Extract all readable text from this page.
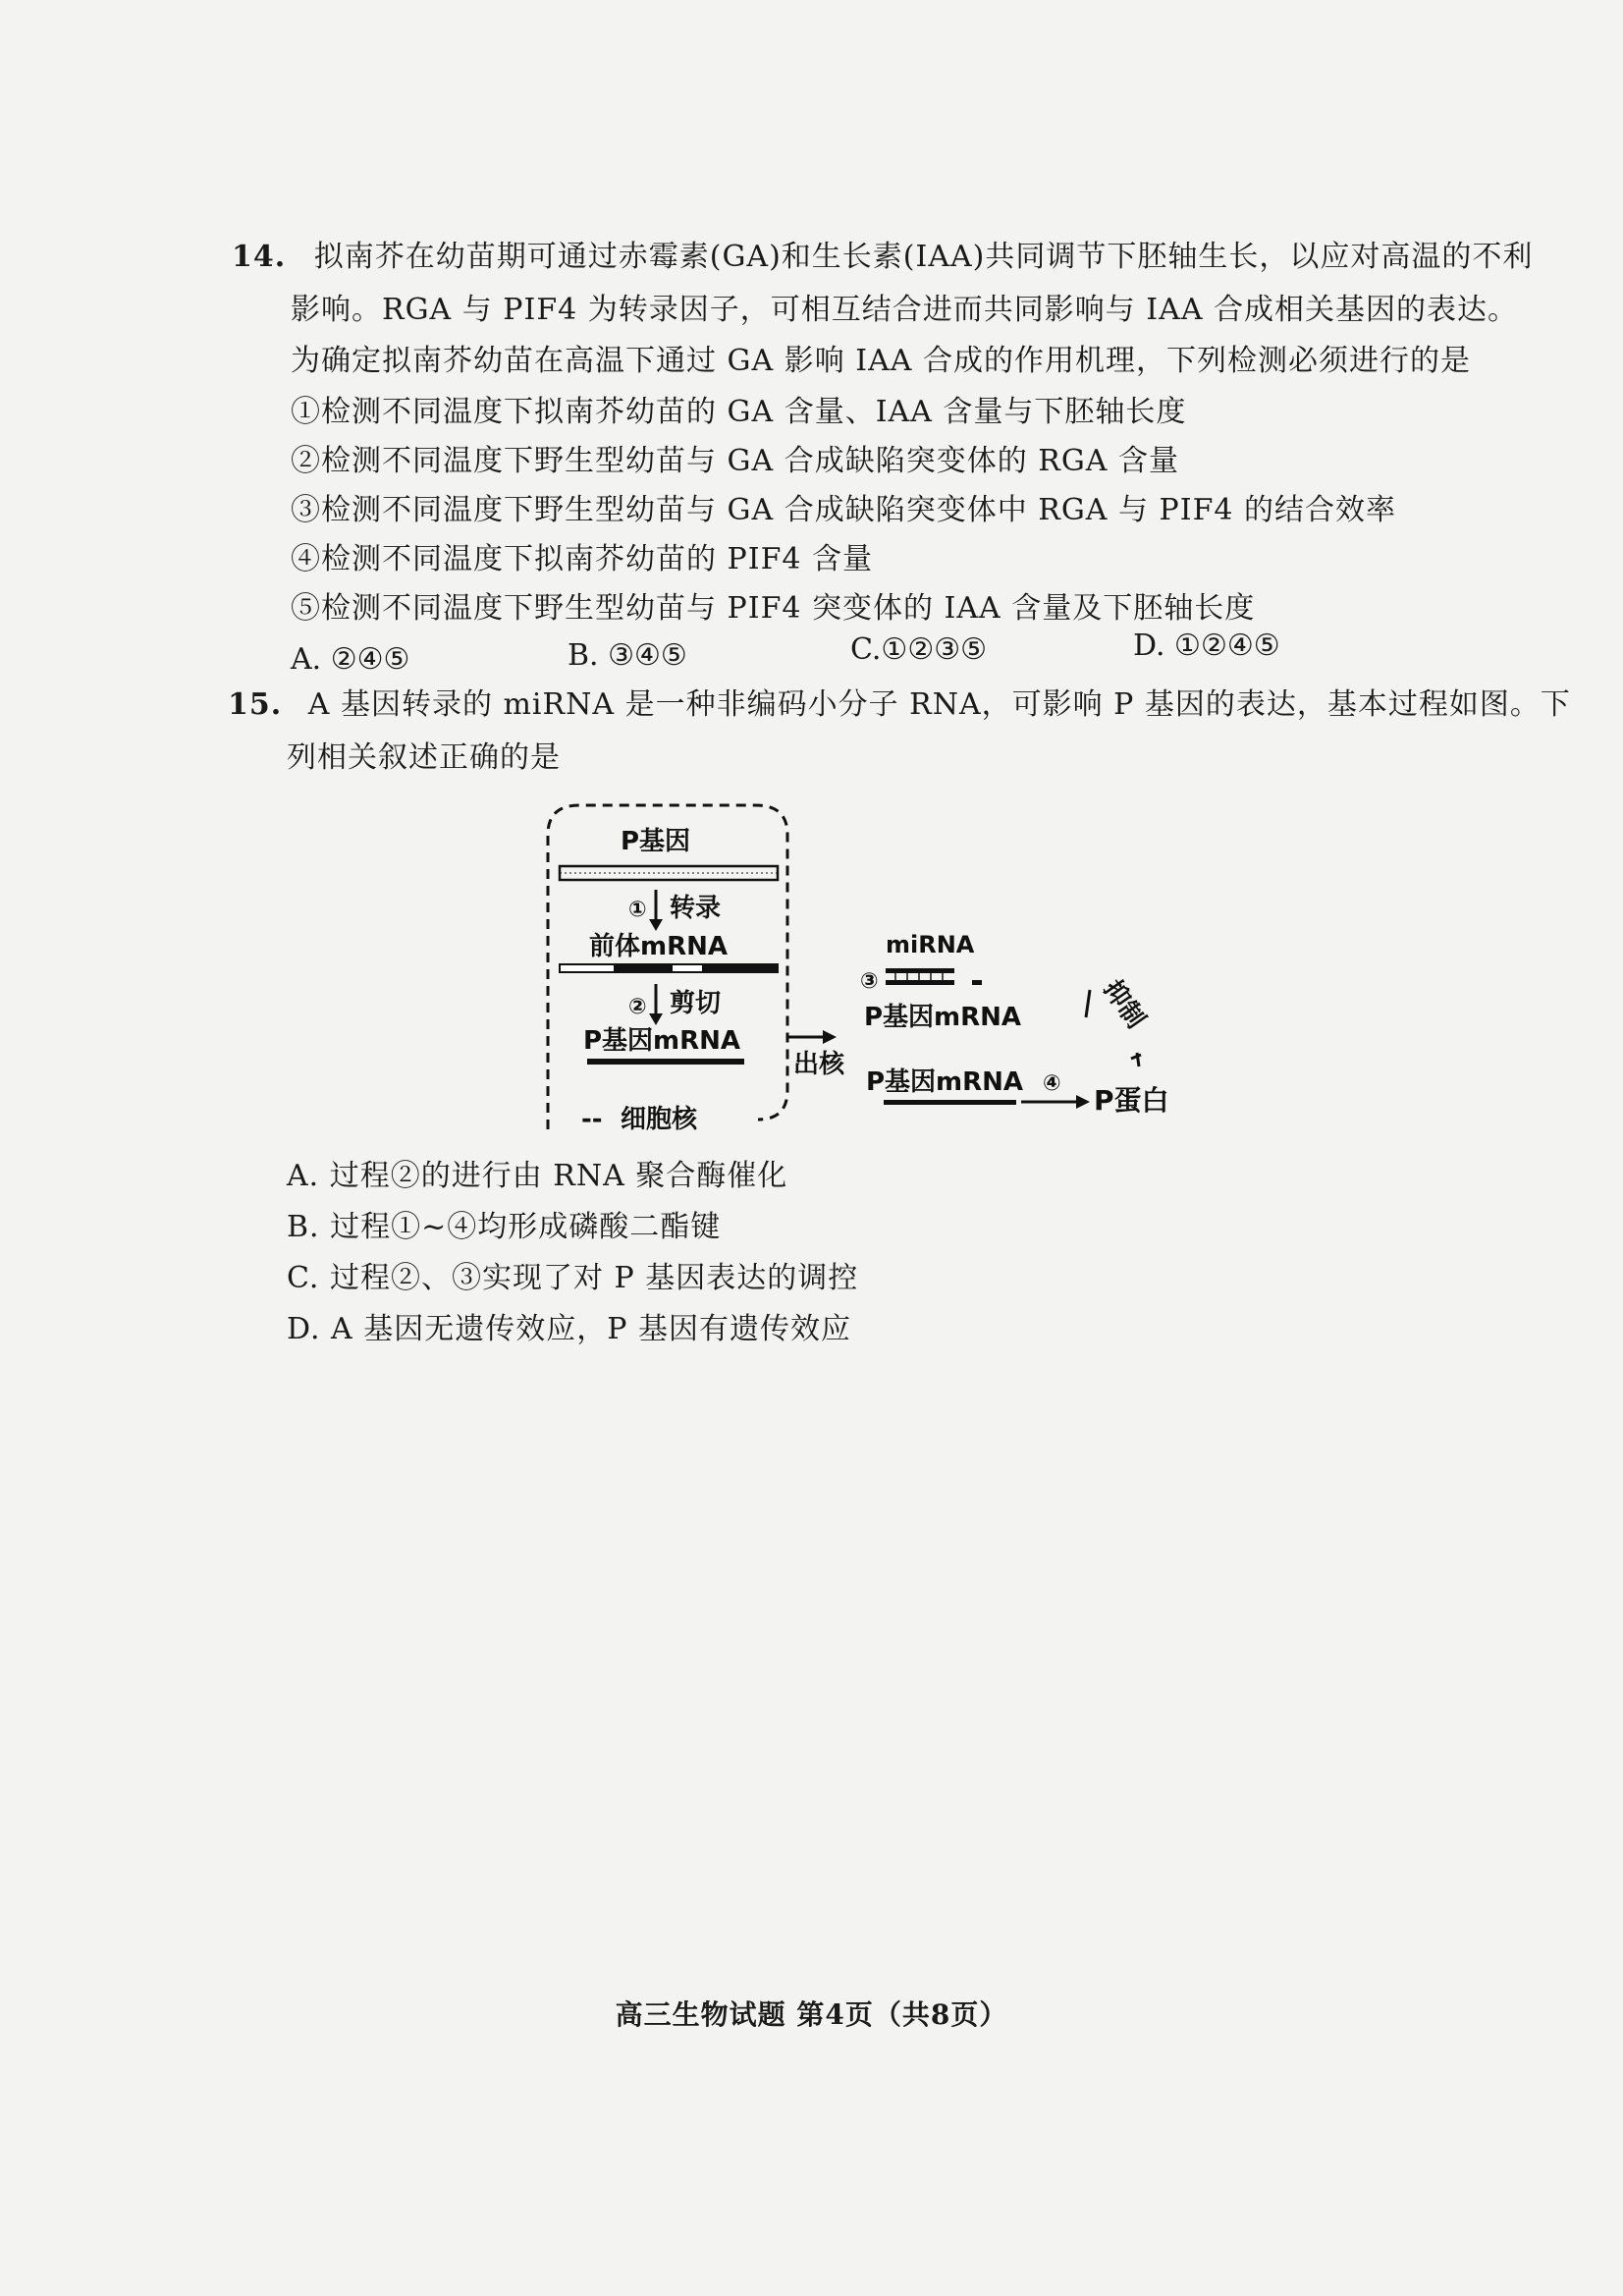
14. 拟南芥在幼苗期可通过赤霉素(GA)和生长素(IAA)共同调节下胚轴生长，以应对高温的不利
影响。RGA 与 PIF4 为转录因子，可相互结合进而共同影响与 IAA 合成相关基因的表达。
为确定拟南芥幼苗在高温下通过 GA 影响 IAA 合成的作用机理，下列检测必须进行的是
①检测不同温度下拟南芥幼苗的 GA 含量、IAA 含量与下胚轴长度
②检测不同温度下野生型幼苗与 GA 合成缺陷突变体的 RGA 含量
③检测不同温度下野生型幼苗与 GA 合成缺陷突变体中 RGA 与 PIF4 的结合效率
④检测不同温度下拟南芥幼苗的 PIF4 含量
⑤检测不同温度下野生型幼苗与 PIF4 突变体的 IAA 含量及下胚轴长度
A. ②④⑤	B. ③④⑤	C.①②③⑤	D. ①②④⑤
15. A 基因转录的 miRNA 是一种非编码小分子 RNA，可影响 P 基因的表达，基本过程如图。下
列相关叙述正确的是
P基因
① 转录
前体mRNA
② 剪切
P基因mRNA
-- 细胞核
出核
miRNA
③
P基因mRNA	抑制
P基因mRNA ④
P蛋白
A. 过程②的进行由 RNA 聚合酶催化
B. 过程①~④均形成磷酸二酯键
C. 过程②、③实现了对 P 基因表达的调控
D. A 基因无遗传效应，P 基因有遗传效应
高三生物试题 第4页（共8页）
